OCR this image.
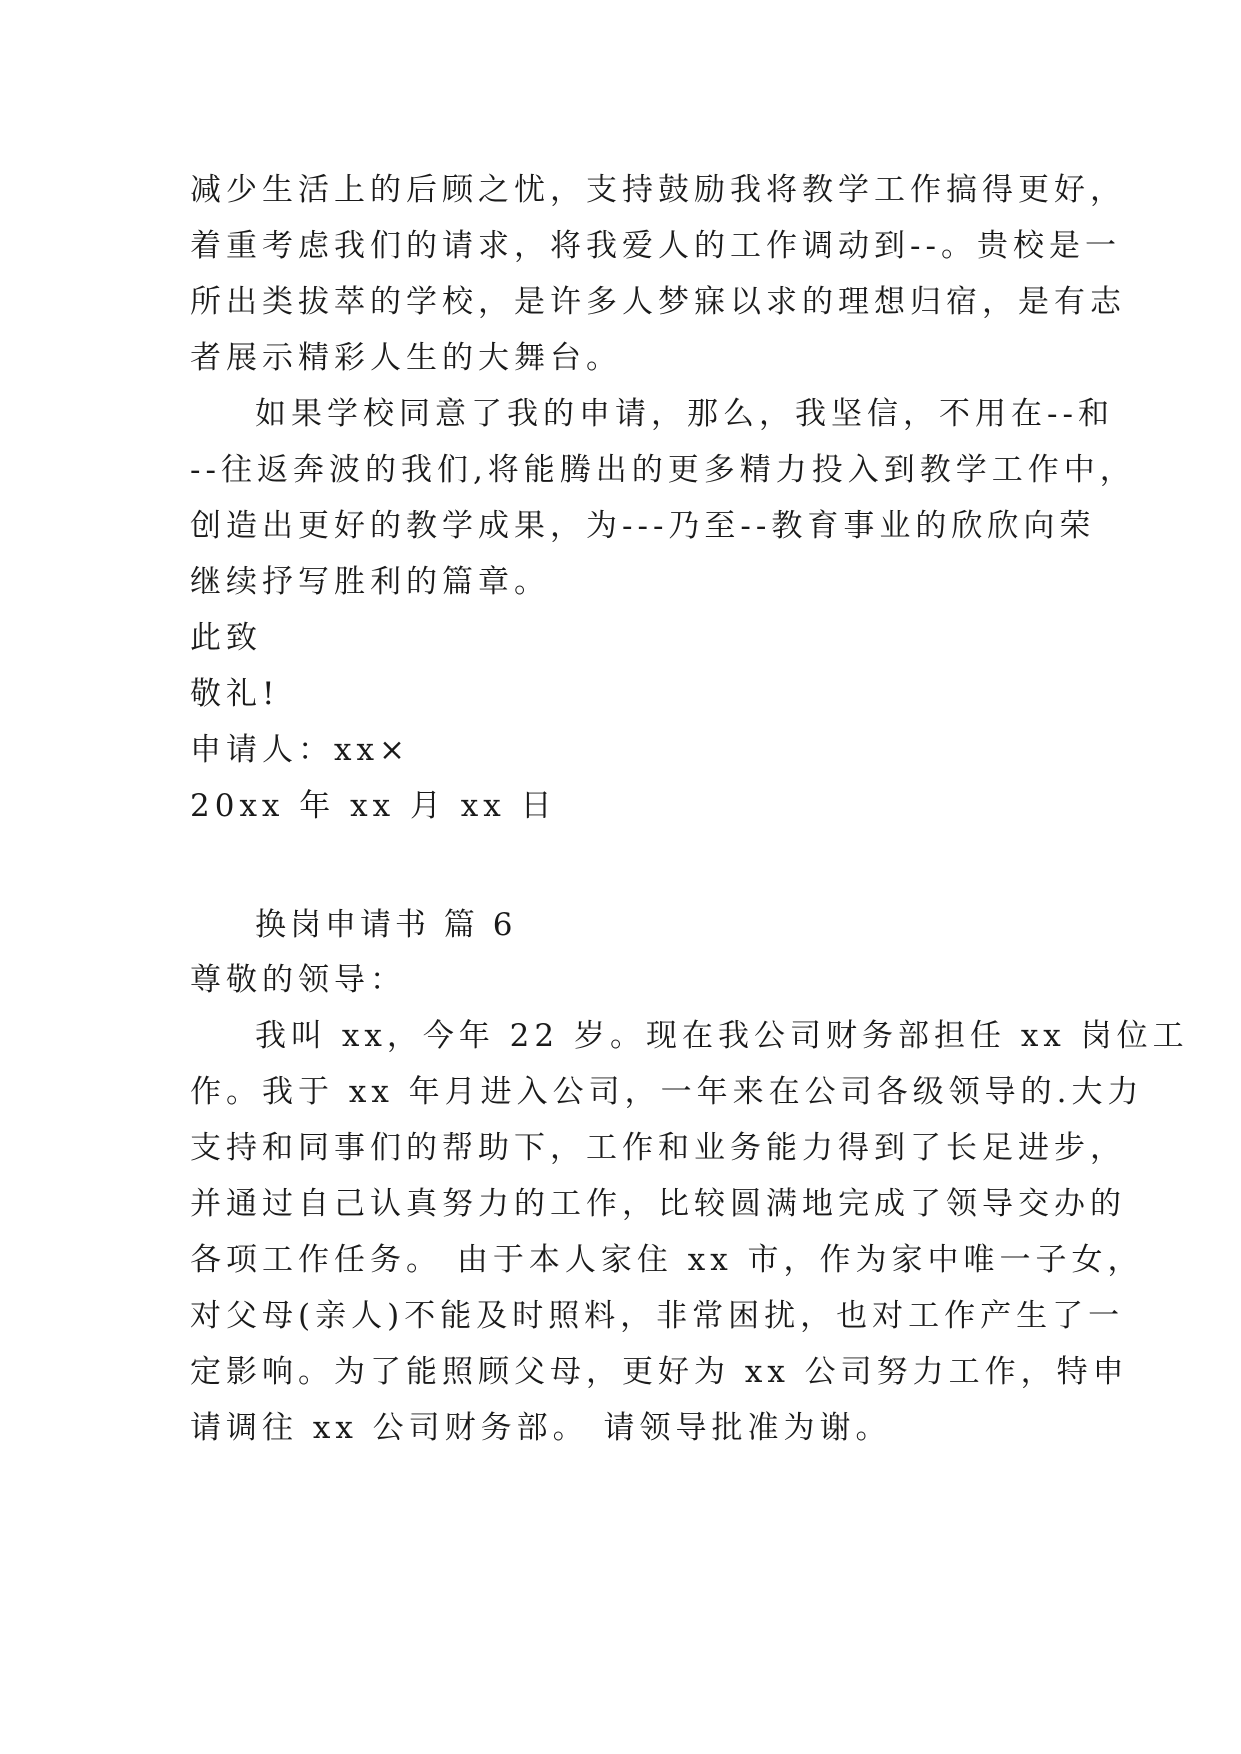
减少生活上的后顾之忧，支持鼓励我将教学工作搞得更好，
着重考虑我们的请求，将我爱人的工作调动到--。贵校是一
所出类拔萃的学校，是许多人梦寐以求的理想归宿，是有志
者展示精彩人生的大舞台。
如果学校同意了我的申请，那么，我坚信，不用在--和
--往返奔波的我们,将能腾出的更多精力投入到教学工作中，
创造出更好的教学成果，为---乃至--教育事业的欣欣向荣
继续抒写胜利的篇章。
此致
敬礼!
申请人：xx×
20xx 年 xx 月 xx 日
换岗申请书 篇 6
尊敬的领导：
我叫 xx，今年 22 岁。现在我公司财务部担任 xx 岗位工
作。我于 xx 年月进入公司，一年来在公司各级领导的.大力
支持和同事们的帮助下，工作和业务能力得到了长足进步，
并通过自己认真努力的工作，比较圆满地完成了领导交办的
各项工作任务。 由于本人家住 xx 市，作为家中唯一子女，
对父母(亲人)不能及时照料，非常困扰，也对工作产生了一
定影响。为了能照顾父母，更好为 xx 公司努力工作，特申
请调往 xx 公司财务部。 请领导批准为谢。
